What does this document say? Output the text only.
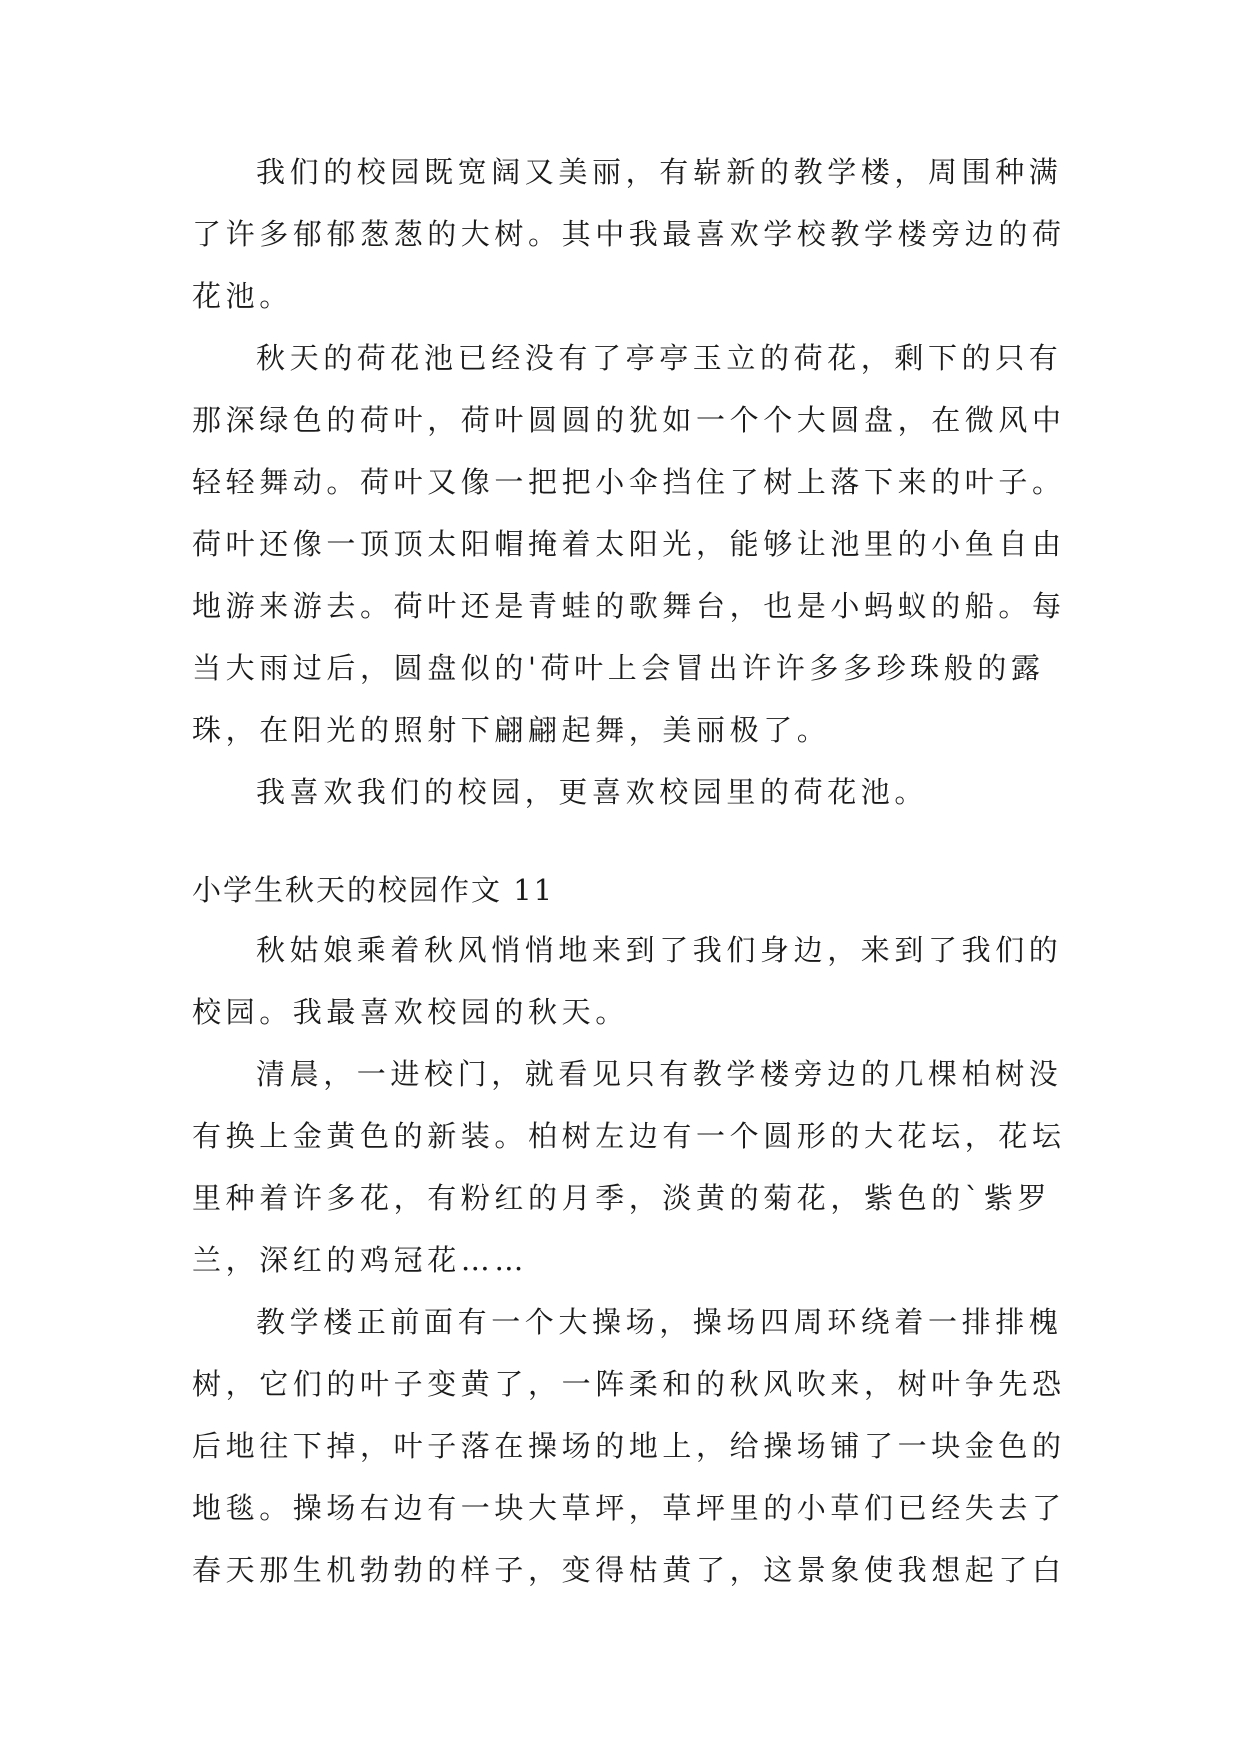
我们的校园既宽阔又美丽，有崭新的教学楼，周围种满
了许多郁郁葱葱的大树。其中我最喜欢学校教学楼旁边的荷
花池。
秋天的荷花池已经没有了亭亭玉立的荷花，剩下的只有
那深绿色的荷叶，荷叶圆圆的犹如一个个大圆盘，在微风中
轻轻舞动。荷叶又像一把把小伞挡住了树上落下来的叶子。
荷叶还像一顶顶太阳帽掩着太阳光，能够让池里的小鱼自由
地游来游去。荷叶还是青蛙的歌舞台，也是小蚂蚁的船。每
当大雨过后，圆盘似的'荷叶上会冒出许许多多珍珠般的露
珠，在阳光的照射下翩翩起舞，美丽极了。
我喜欢我们的校园，更喜欢校园里的荷花池。
小学生秋天的校园作文 11
秋姑娘乘着秋风悄悄地来到了我们身边，来到了我们的
校园。我最喜欢校园的秋天。
清晨，一进校门，就看见只有教学楼旁边的几棵柏树没
有换上金黄色的新装。柏树左边有一个圆形的大花坛，花坛
里种着许多花，有粉红的月季，淡黄的菊花，紫色的`紫罗
兰，深红的鸡冠花……
教学楼正前面有一个大操场，操场四周环绕着一排排槐
树，它们的叶子变黄了，一阵柔和的秋风吹来，树叶争先恐
后地往下掉，叶子落在操场的地上，给操场铺了一块金色的
地毯。操场右边有一块大草坪，草坪里的小草们已经失去了
春天那生机勃勃的样子，变得枯黄了，这景象使我想起了白
